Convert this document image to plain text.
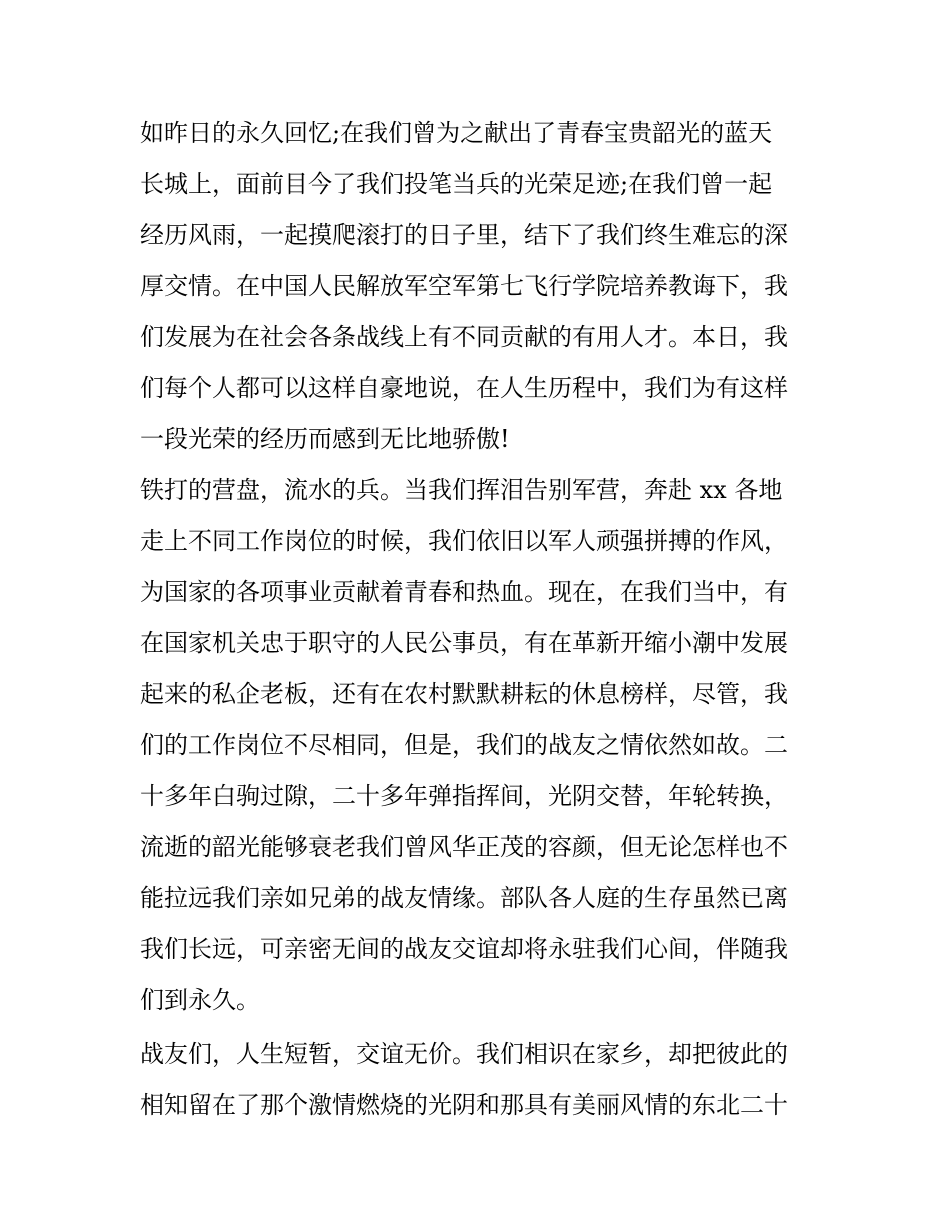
如昨日的永久回忆;在我们曾为之献出了青春宝贵韶光的蓝天
长城上，面前目今了我们投笔当兵的光荣足迹;在我们曾一起
经历风雨，一起摸爬滚打的日子里，结下了我们终生难忘的深
厚交情。在中国人民解放军空军第七飞行学院培养教诲下，我
们发展为在社会各条战线上有不同贡献的有用人才。本日，我
们每个人都可以这样自豪地说，在人生历程中，我们为有这样
一段光荣的经历而感到无比地骄傲!
铁打的营盘，流水的兵。当我们挥泪告别军营，奔赴 xx 各地
走上不同工作岗位的时候，我们依旧以军人顽强拼搏的作风，
为国家的各项事业贡献着青春和热血。现在，在我们当中，有
在国家机关忠于职守的人民公事员，有在革新开缩小潮中发展
起来的私企老板，还有在农村默默耕耘的休息榜样，尽管，我
们的工作岗位不尽相同，但是，我们的战友之情依然如故。二
十多年白驹过隙，二十多年弹指挥间，光阴交替，年轮转换，
流逝的韶光能够衰老我们曾风华正茂的容颜，但无论怎样也不
能拉远我们亲如兄弟的战友情缘。部队各人庭的生存虽然已离
我们长远，可亲密无间的战友交谊却将永驻我们心间，伴随我
们到永久。
战友们，人生短暂，交谊无价。我们相识在家乡，却把彼此的
相知留在了那个激情燃烧的光阴和那具有美丽风情的东北二十
